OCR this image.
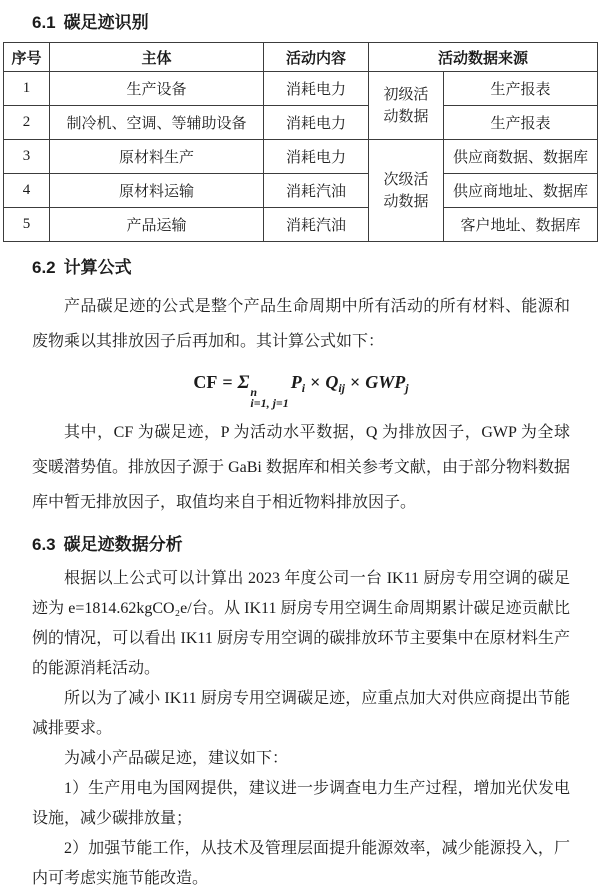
6.1 碳足迹识别
序号	主体	活动内容	活动数据来源	
1	生产设备	消耗电力	初级活动数据	生产报表
2	制冷机、空调、等辅助设备	消耗电力		生产报表
3	原材料生产	消耗电力	次级活动数据	供应商数据、数据库
4	原材料运输	消耗汽油		供应商地址、数据库
5	产品运输	消耗汽油		客户地址、数据库
6.2 计算公式

产品碳足迹的公式是整个产品生命周期中所有活动的所有材料、能源和废物乘以其排放因子后再加和。其计算公式如下：

CF = Σ n
i=1, j=1
$P_i \times Q_{ij} \times GWP_j$

其中，CF 为碳足迹，P 为活动水平数据，Q 为排放因子，GWP 为全球变暖潜势值。排放因子源于 GaBi 数据库和相关参考文献，由于部分物料数据库中暂无排放因子，取值均来自于相近物料排放因子。

6.3 碳足迹数据分析

根据以上公式可以计算出 2023 年度公司一台 IK11 厨房专用空调的碳足迹为 e=1814.62kgCO₂e/台。从 IK11 厨房专用空调生命周期累计碳足迹贡献比例的情况，可以看出 IK11 厨房专用空调的碳排放环节主要集中在原材料生产的能源消耗活动。

所以为了减小 IK11 厨房专用空调碳足迹，应重点加大对供应商提出节能减排要求。

为减小产品碳足迹，建议如下：

1）生产用电为国网提供，建议进一步调查电力生产过程，增加光伏发电设施，减少碳排放量；

2）加强节能工作，从技术及管理层面提升能源效率，减少能源投入，厂内可考虑实施节能改造。
